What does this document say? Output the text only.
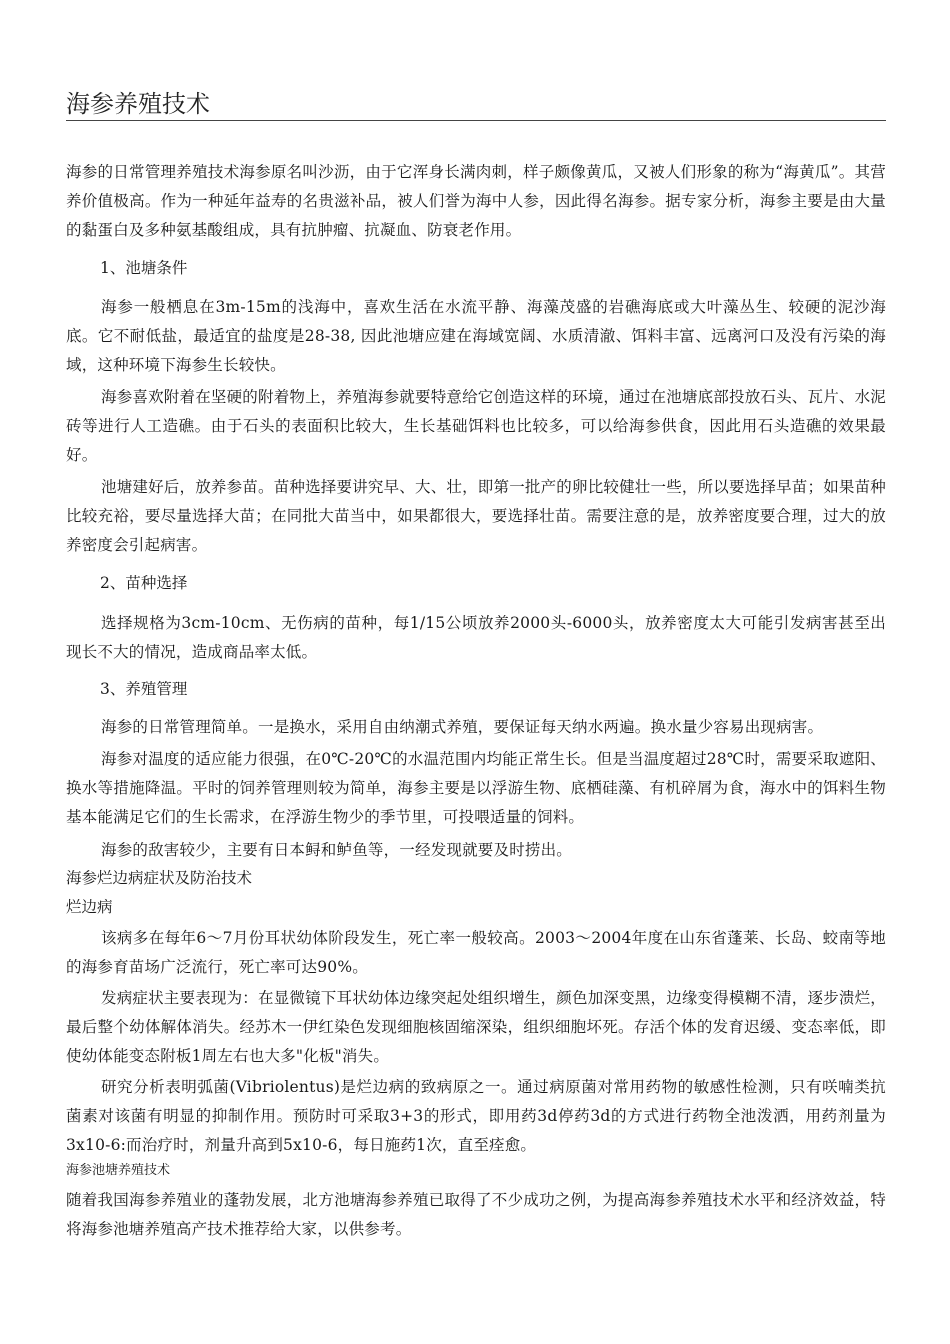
海参养殖技术
海参的日常管理养殖技术海参原名叫沙沥，由于它浑身长满肉刺，样子颇像黄瓜，又被人们形象的称为“海黄瓜”。其营养价值极高。作为一种延年益寿的名贵滋补品，被人们誉为海中人参，因此得名海参。据专家分析，海参主要是由大量的黏蛋白及多种氨基酸组成，具有抗肿瘤、抗凝血、防衰老作用。
1、池塘条件
海参一般栖息在3m-15m的浅海中，喜欢生活在水流平静、海藻茂盛的岩礁海底或大叶藻丛生、较硬的泥沙海底。它不耐低盐，最适宜的盐度是28-38, 因此池塘应建在海域宽阔、水质清澈、饵料丰富、远离河口及没有污染的海域，这种环境下海参生长较快。
海参喜欢附着在坚硬的附着物上，养殖海参就要特意给它创造这样的环境，通过在池塘底部投放石头、瓦片、水泥砖等进行人工造礁。由于石头的表面积比较大，生长基础饵料也比较多，可以给海参供食，因此用石头造礁的效果最好。
池塘建好后，放养参苗。苗种选择要讲究早、大、壮，即第一批产的卵比较健壮一些，所以要选择早苗；如果苗种比较充裕，要尽量选择大苗；在同批大苗当中，如果都很大，要选择壮苗。需要注意的是，放养密度要合理，过大的放养密度会引起病害。
2、苗种选择
选择规格为3cm-10cm、无伤病的苗种，每1/15公顷放养2000头-6000头，放养密度太大可能引发病害甚至出现长不大的情况，造成商品率太低。
3、养殖管理
海参的日常管理简单。一是换水，采用自由纳潮式养殖，要保证每天纳水两遍。换水量少容易出现病害。
海参对温度的适应能力很强，在0℃-20℃的水温范围内均能正常生长。但是当温度超过28℃时，需要采取遮阳、换水等措施降温。平时的饲养管理则较为简单，海参主要是以浮游生物、底栖硅藻、有机碎屑为食，海水中的饵料生物基本能满足它们的生长需求，在浮游生物少的季节里，可投喂适量的饲料。
海参的敌害较少，主要有日本鲟和鲈鱼等，一经发现就要及时捞出。
海参烂边病症状及防治技术
烂边病
该病多在每年6～7月份耳状幼体阶段发生，死亡率一般较高。2003～2004年度在山东省蓬莱、长岛、蛟南等地的海参育苗场广泛流行，死亡率可达90%。
发病症状主要表现为：在显微镜下耳状幼体边缘突起处组织增生，颜色加深变黑，边缘变得模糊不清，逐步溃烂，最后整个幼体解体消失。经苏木一伊红染色发现细胞核固缩深染，组织细胞坏死。存活个体的发育迟缓、变态率低，即使幼体能变态附板1周左右也大多"化板"消失。
研究分析表明弧菌(Vibriolentus)是烂边病的致病原之一。通过病原菌对常用药物的敏感性检测，只有咲喃类抗菌素对该菌有明显的抑制作用。预防时可采取3+3的形式，即用药3d停药3d的方式进行药物全池泼洒，用药剂量为3x10-6:而治疗时，剂量升高到5x10-6，每日施药1次，直至痊愈。
海参池塘养殖技术
随着我国海参养殖业的蓬勃发展，北方池塘海参养殖已取得了不少成功之例，为提高海参养殖技术水平和经济效益，特将海参池塘养殖高产技术推荐给大家，以供参考。
